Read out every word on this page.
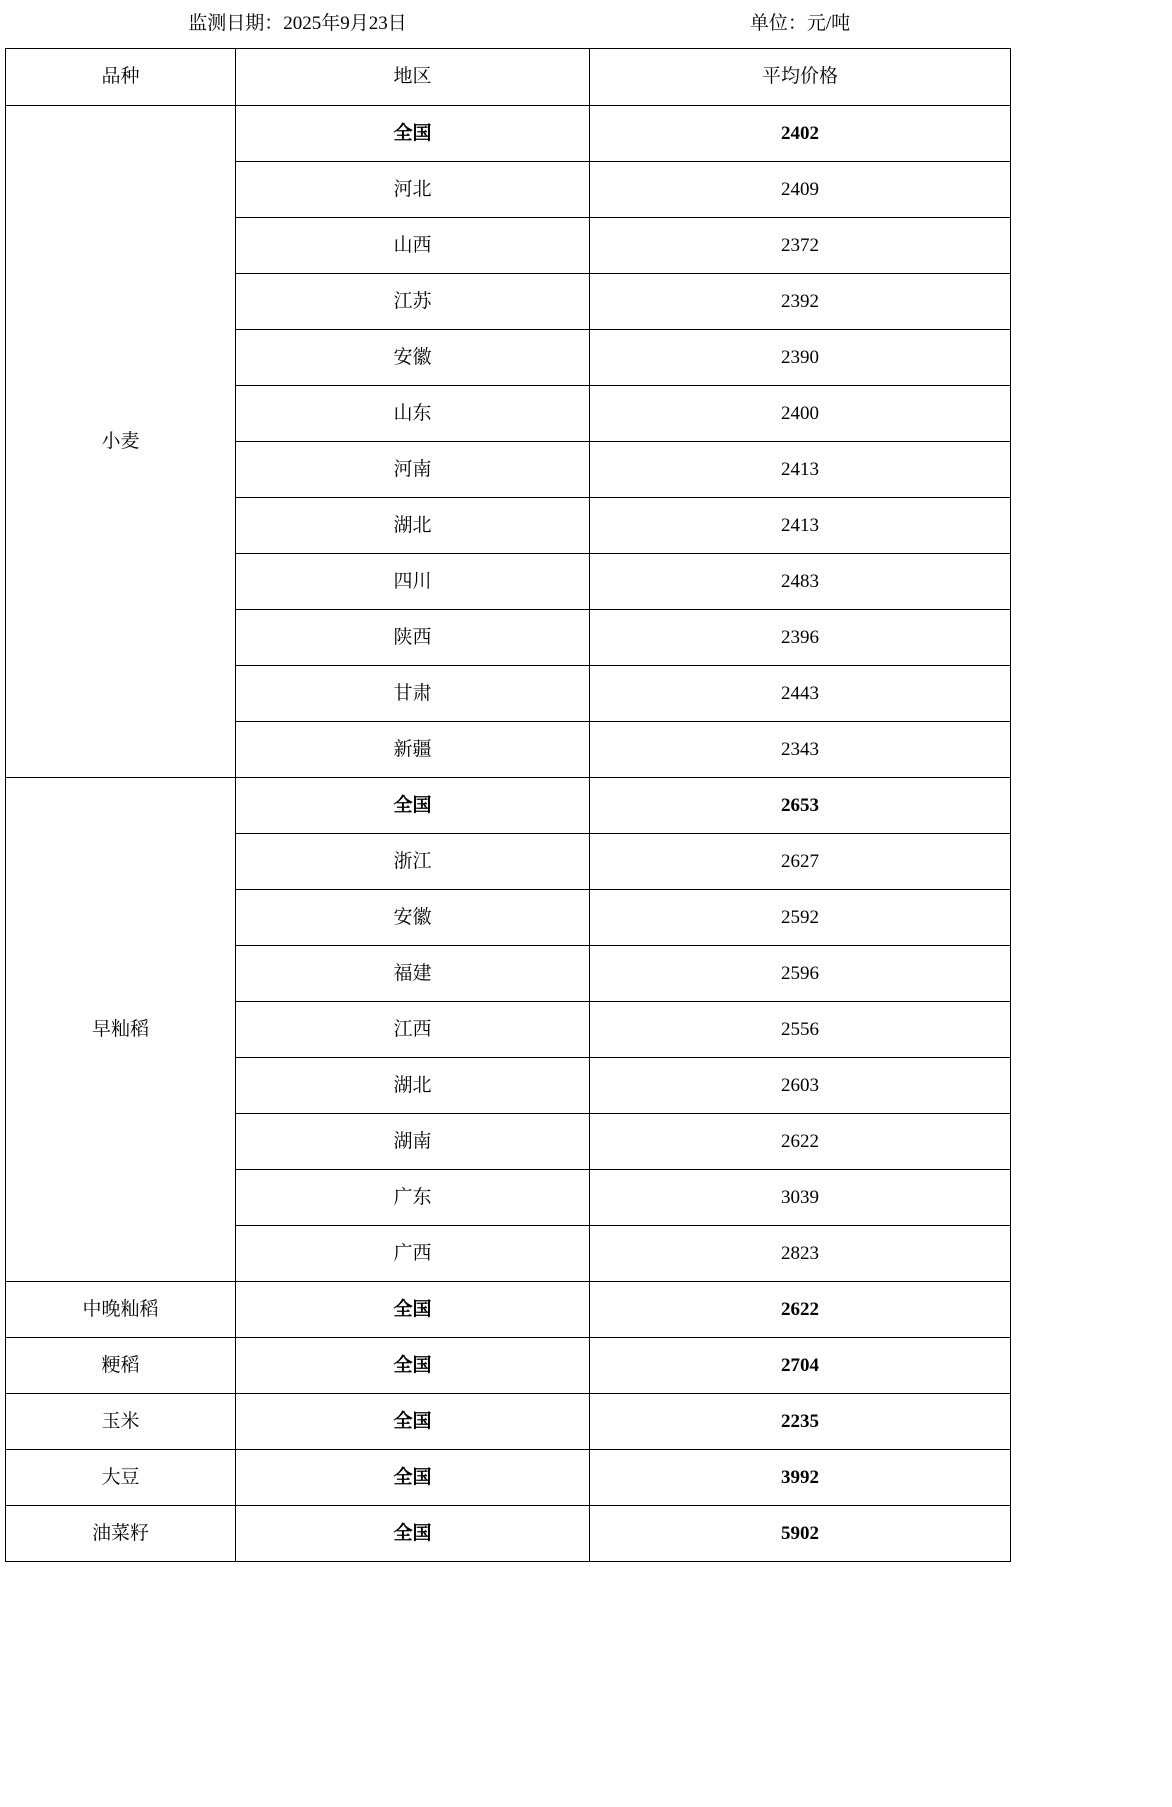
监测日期：2025年9月23日		单位：元/吨
品种	地区	平均价格
小麦	全国	2402
	河北	2409
	山西	2372
	江苏	2392
	安徽	2390
	山东	2400
	河南	2413
	湖北	2413
	四川	2483
	陕西	2396
	甘肃	2443
	新疆	2343
早籼稻	全国	2653
	浙江	2627
	安徽	2592
	福建	2596
	江西	2556
	湖北	2603
	湖南	2622
	广东	3039
	广西	2823
中晚籼稻	全国	2622
粳稻	全国	2704
玉米	全国	2235
大豆	全国	3992
油菜籽	全国	5902
